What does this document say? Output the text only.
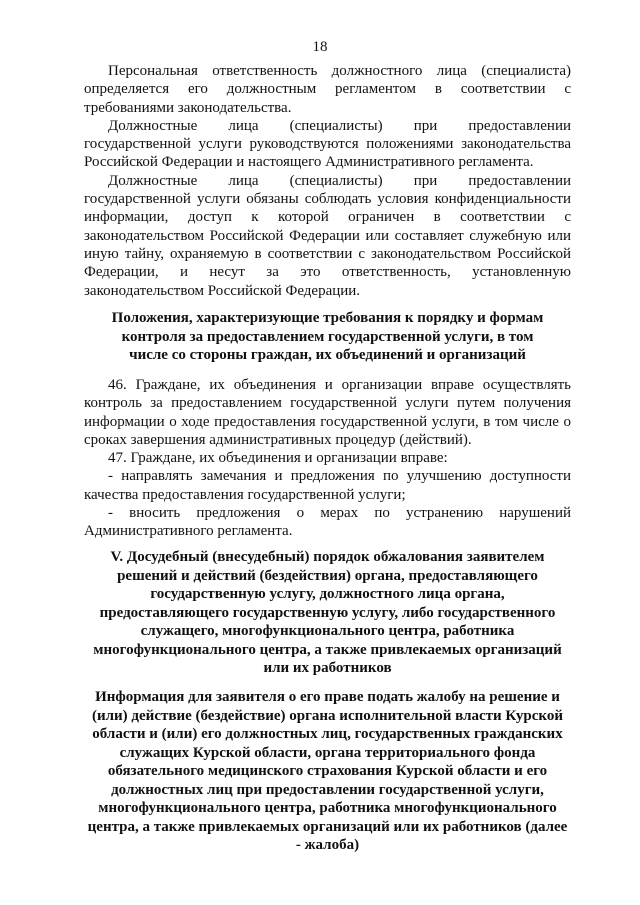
18

Персональная ответственность должностного лица (специалиста) определяется его должностным регламентом в соответствии с требованиями законодательства.

Должностные лица (специалисты) при предоставлении государственной услуги руководствуются положениями законодательства Российской Федерации и настоящего Административного регламента.

Должностные лица (специалисты) при предоставлении государственной услуги обязаны соблюдать условия конфиденциальности информации, доступ к которой ограничен в соответствии с законодательством Российской Федерации или составляет служебную или иную тайну, охраняемую в соответствии с законодательством Российской Федерации, и несут за это ответственность, установленную законодательством Российской Федерации.

Положения, характеризующие требования к порядку и формам контроля за предоставлением государственной услуги, в том числе со стороны граждан, их объединений и организаций

46. Граждане, их объединения и организации вправе осуществлять контроль за предоставлением государственной услуги путем получения информации о ходе предоставления государственной услуги, в том числе о сроках завершения административных процедур (действий).

47. Граждане, их объединения и организации вправе:

- направлять замечания и предложения по улучшению доступности качества предоставления государственной услуги;

- вносить предложения о мерах по устранению нарушений Административного регламента.

V. Досудебный (внесудебный) порядок обжалования заявителем решений и действий (бездействия) органа, предоставляющего государственную услугу, должностного лица органа, предоставляющего государственную услугу, либо государственного служащего, многофункционального центра, работника многофункционального центра, а также привлекаемых организаций или их работников
Информация для заявителя о его праве подать жалобу на решение и (или) действие (бездействие) органа исполнительной власти Курской области и (или) его должностных лиц, государственных гражданских служащих Курской области, органа территориального фонда обязательного медицинского страхования Курской области и его должностных лиц при предоставлении государственной услуги, многофункционального центра, работника многофункционального центра, а также привлекаемых организаций или их работников (далее - жалоба)
